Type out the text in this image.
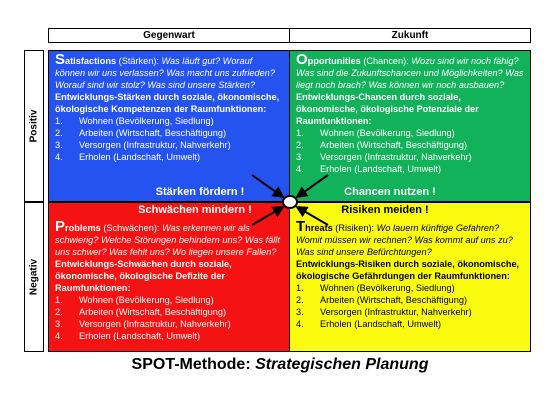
Gegenwart	Zukunft
Positiv
Negativ
Satisfactions (Stärken): Was läuft gut? Worauf können wir uns verlassen? Was macht uns zufrieden? Worauf sind wir stolz? Was sind unsere Stärken?
Entwicklungs-Stärken durch soziale, ökonomische, ökologische Kompetenzen der Raumfunktionen:
1.	Wohnen (Bevölkerung, Siedlung)
2.	Arbeiten (Wirtschaft, Beschäftigung)
3.	Versorgen (Infrastruktur, Nahverkehr)
4.	Erholen (Landschaft, Umwelt)
Stärken fördern !
Opportunities (Chancen): Wozu sind wir noch fähig? Was sind die Zukunftschancen und Möglichkeiten? Was liegt noch brach? Was können wir noch ausbauen?
Entwicklungs-Chancen durch soziale, ökonomische, ökologische Potenziale der Raumfunktionen:
1.	Wohnen (Bevölkerung, Siedlung)
2.	Arbeiten (Wirtschaft, Beschäftigung)
3.	Versorgen (Infrastruktur, Nahverkehr)
4.	Erholen (Landschaft, Umwelt)
Chancen nutzen !
Problems (Schwächen): Was erkennen wir als schwierig? Welche Störungen behindern uns? Was fällt uns schwer? Was fehlt uns? Wo liegen unsere Fallen?
Entwicklungs-Schwächen durch soziale, ökonomische, ökologische Defizite der Raumfunktionen:
1.	Wohnen (Bevölkerung, Siedlung)
2.	Arbeiten (Wirtschaft, Beschäftigung)
3.	Versorgen (Infrastruktur, Nahverkehr)
4.	Erholen (Landschaft, Umwelt)
Schwächen mindern !
Threats (Risiken): Wo lauern künftige Gefahren? Womit müssen wir rechnen? Was kommt auf uns zu? Was sind unsere Befürchtungen?
Entwicklungs-Risiken durch soziale, ökonomische, ökologische Gefährdungen der Raumfunktionen:
1.	Wohnen (Bevölkerung, Siedlung)
2.	Arbeiten (Wirtschaft, Beschäftigung)
3.	Versorgen (Infrastruktur, Nahverkehr)
4.	Erholen (Landschaft, Umwelt)
Risiken meiden !
SPOT-Methode: Strategischen Planung
